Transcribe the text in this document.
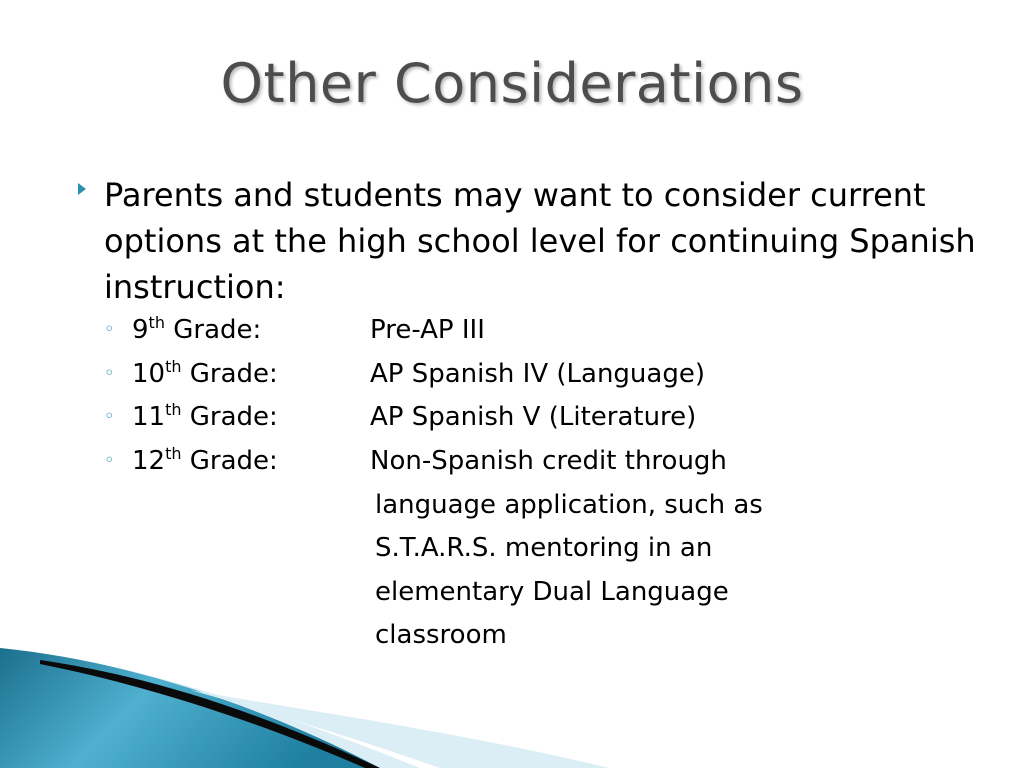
Other Considerations
Parents and students may want to consider current options at the high school level for continuing Spanish instruction:
◦ 9th Grade:	Pre-AP III
◦ 10th Grade:	AP Spanish IV (Language)
◦ 11th Grade:	AP Spanish V (Literature)
◦ 12th Grade:	Non-Spanish credit through
language application, such as
S.T.A.R.S. mentoring in an
elementary Dual Language
classroom
